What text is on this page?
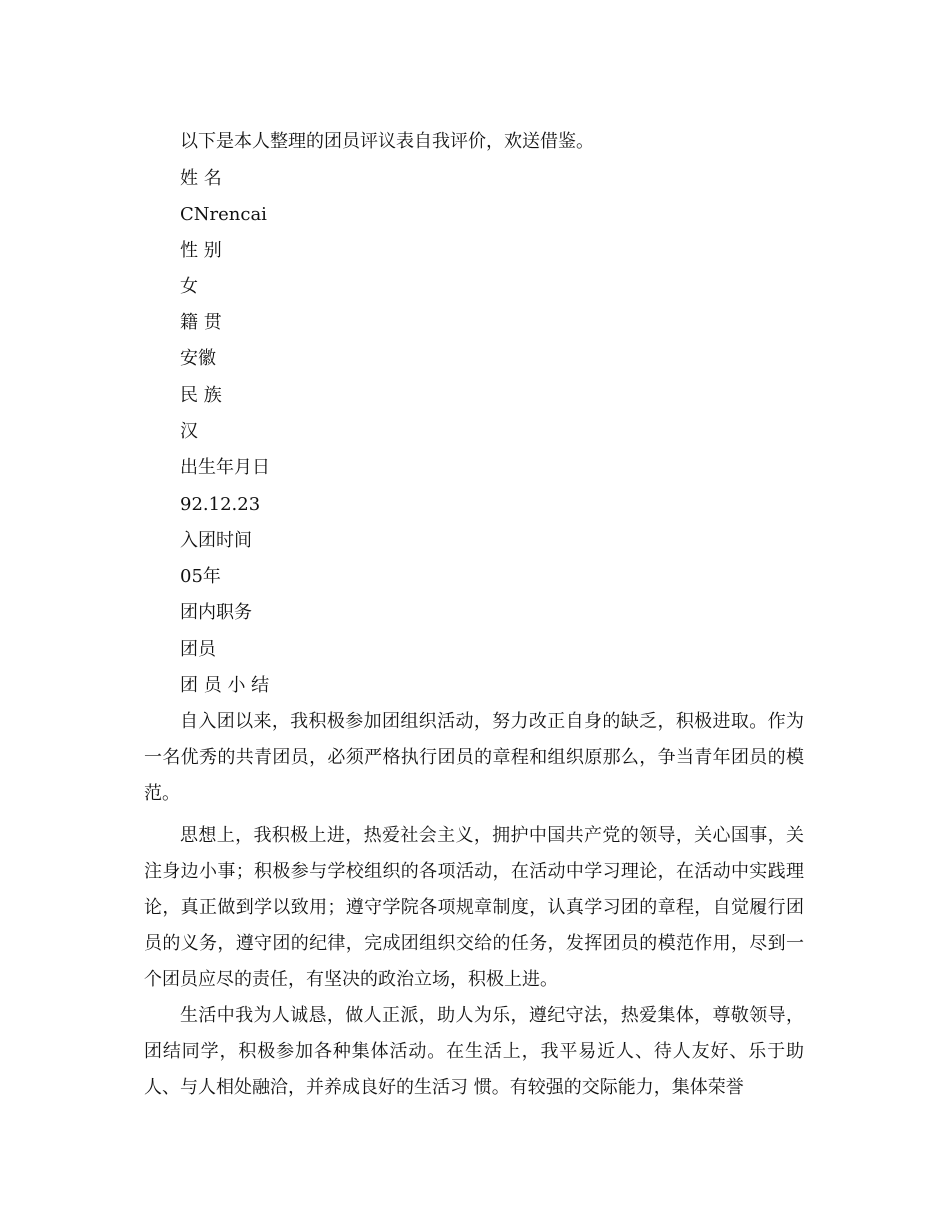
以下是本人整理的团员评议表自我评价，欢送借鉴。
姓 名
CNrencai
性 别
女
籍 贯
安徽
民 族
汉
出生年月日
92.12.23
入团时间
05年
团内职务
团员
团 员 小 结

自入团以来，我积极参加团组织活动，努力改正自身的缺乏，积极进取。作为一名优秀的共青团员，必须严格执行团员的章程和组织原那么，争当青年团员的模范。

思想上，我积极上进，热爱社会主义，拥护中国共产党的领导，关心国事，关注身边小事；积极参与学校组织的各项活动，在活动中学习理论，在活动中实践理论，真正做到学以致用；遵守学院各项规章制度，认真学习团的章程，自觉履行团员的义务，遵守团的纪律，完成团组织交给的任务，发挥团员的模范作用，尽到一个团员应尽的责任，有坚决的政治立场，积极上进。

生活中我为人诚恳，做人正派，助人为乐，遵纪守法，热爱集体，尊敬领导，团结同学，积极参加各种集体活动。在生活上，我平易近人、待人友好、乐于助人、与人相处融洽，并养成良好的生活习 惯。有较强的交际能力，集体荣誉
